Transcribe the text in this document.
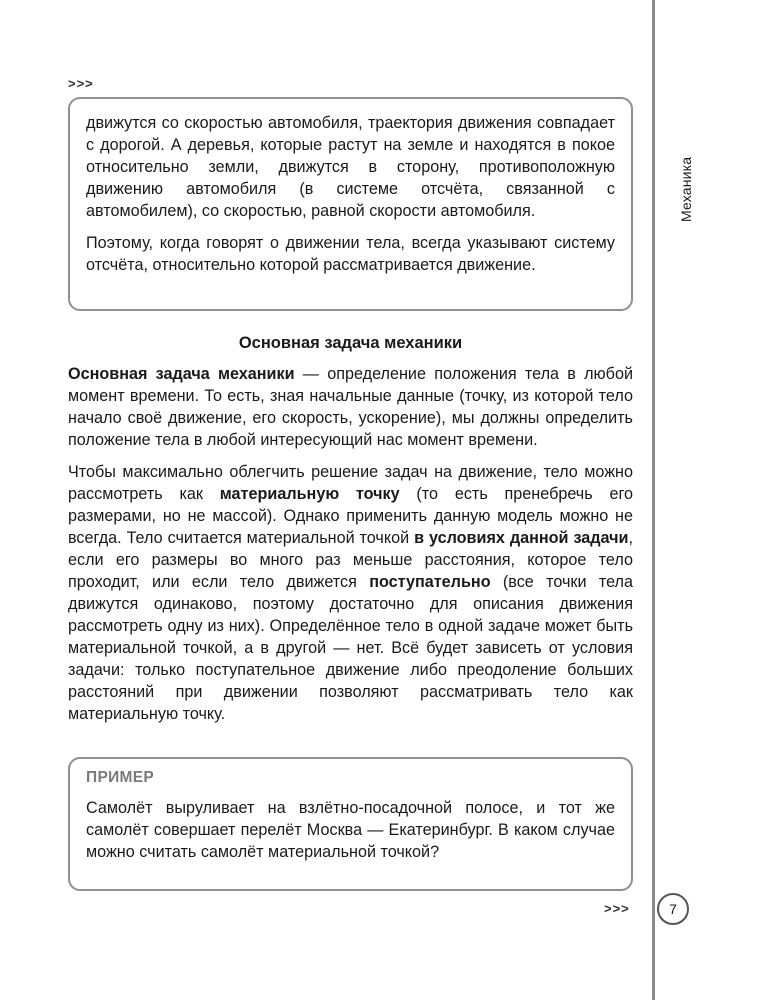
Механика
>>>

движутся со скоростью автомобиля, траектория движения совпадает с дорогой. А деревья, которые растут на земле и находятся в покое относительно земли, движутся в сторону, противоположную движению автомобиля (в системе отсчёта, связанной с автомобилем), со скоростью, равной скорости автомобиля.

Поэтому, когда говорят о движении тела, всегда указывают систему отсчёта, относительно которой рассматривается движение.

Основная задача механики

Основная задача механики — определение положения тела в любой момент времени. То есть, зная начальные данные (точку, из которой тело начало своё движение, его скорость, ускорение), мы должны определить положение тела в любой интересующий нас момент времени.

Чтобы максимально облегчить решение задач на движение, тело можно рассмотреть как материальную точку (то есть пренебречь его размерами, но не массой). Однако применить данную модель можно не всегда. Тело считается материальной точкой в условиях данной задачи, если его размеры во много раз меньше расстояния, которое тело проходит, или если тело движется поступательно (все точки тела движутся одинаково, поэтому достаточно для описания движения рассмотреть одну из них). Определённое тело в одной задаче может быть материальной точкой, а в другой — нет. Всё будет зависеть от условия задачи: только поступательное движение либо преодоление больших расстояний при движении позволяют рассматривать тело как материальную точку.

ПРИМЕР

Самолёт выруливает на взлётно-посадочной полосе, и тот же самолёт совершает перелёт Москва — Екатеринбург. В каком случае можно считать самолёт материальной точкой?

>>>	7
